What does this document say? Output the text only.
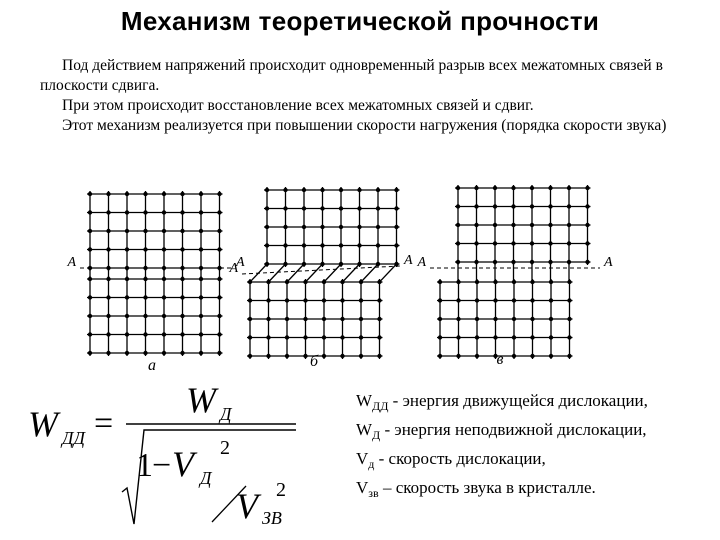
Механизм теоретической прочности

Под действием напряжений происходит одновременный разрыв всех межатомных связей в плоскости сдвига.

При этом происходит восстановление всех межатомных связей и сдвиг.

Этот механизм реализуется при повышении скорости нагружения (порядка скорости звука)

A	A
A
A A	A
а	б	в
W ДД
W Д
V Д
V ЗВ
=
1 − 2
2

$W_{ДД}$ - энергия движущейся дислокации,

$W_Д$ - энергия неподвижной дислокации,

$V_д$ - скорость дислокации,

$V_{зв}$ – скорость звука в кристалле.
